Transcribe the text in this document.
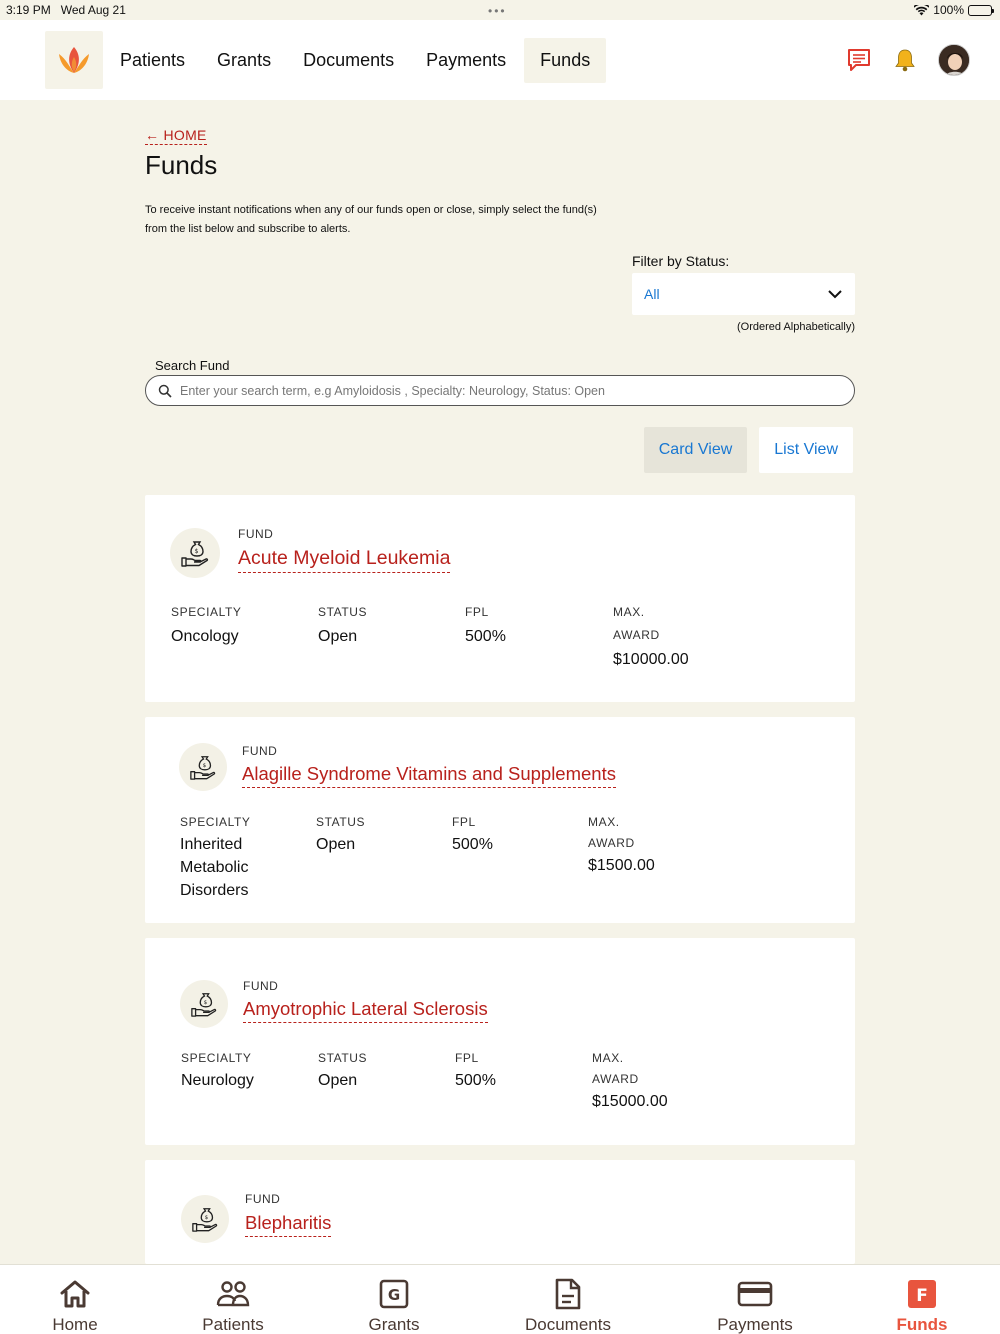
3:19 PM Wed Aug 21	•••	100%
Patients	Grants	Documents	Payments	Funds
← HOME
Funds

To receive instant notifications when any of our funds open or close, simply select the fund(s) from the list below and subscribe to alerts.

Filter by Status:
All
(Ordered Alphabetically)
Search Fund
Enter your search term, e.g Amyloidosis , Specialty: Neurology, Status: Open
Card View	List View
$
FUND
Acute Myeloid Leukemia
SPECIALTY
Oncology
STATUS
Open
FPL
500%
MAX.
AWARD
$10000.00
$
FUND
Alagille Syndrome Vitamins and Supplements
SPECIALTY
Inherited Metabolic Disorders
STATUS
Open
FPL
500%
MAX.
AWARD
$1500.00
$
FUND
Amyotrophic Lateral Sclerosis
SPECIALTY
Neurology
STATUS
Open
FPL
500%
MAX.
AWARD
$15000.00
$
FUND
Blepharitis
Home	Patients
G
Grants	Documents	Payments
F
Funds
